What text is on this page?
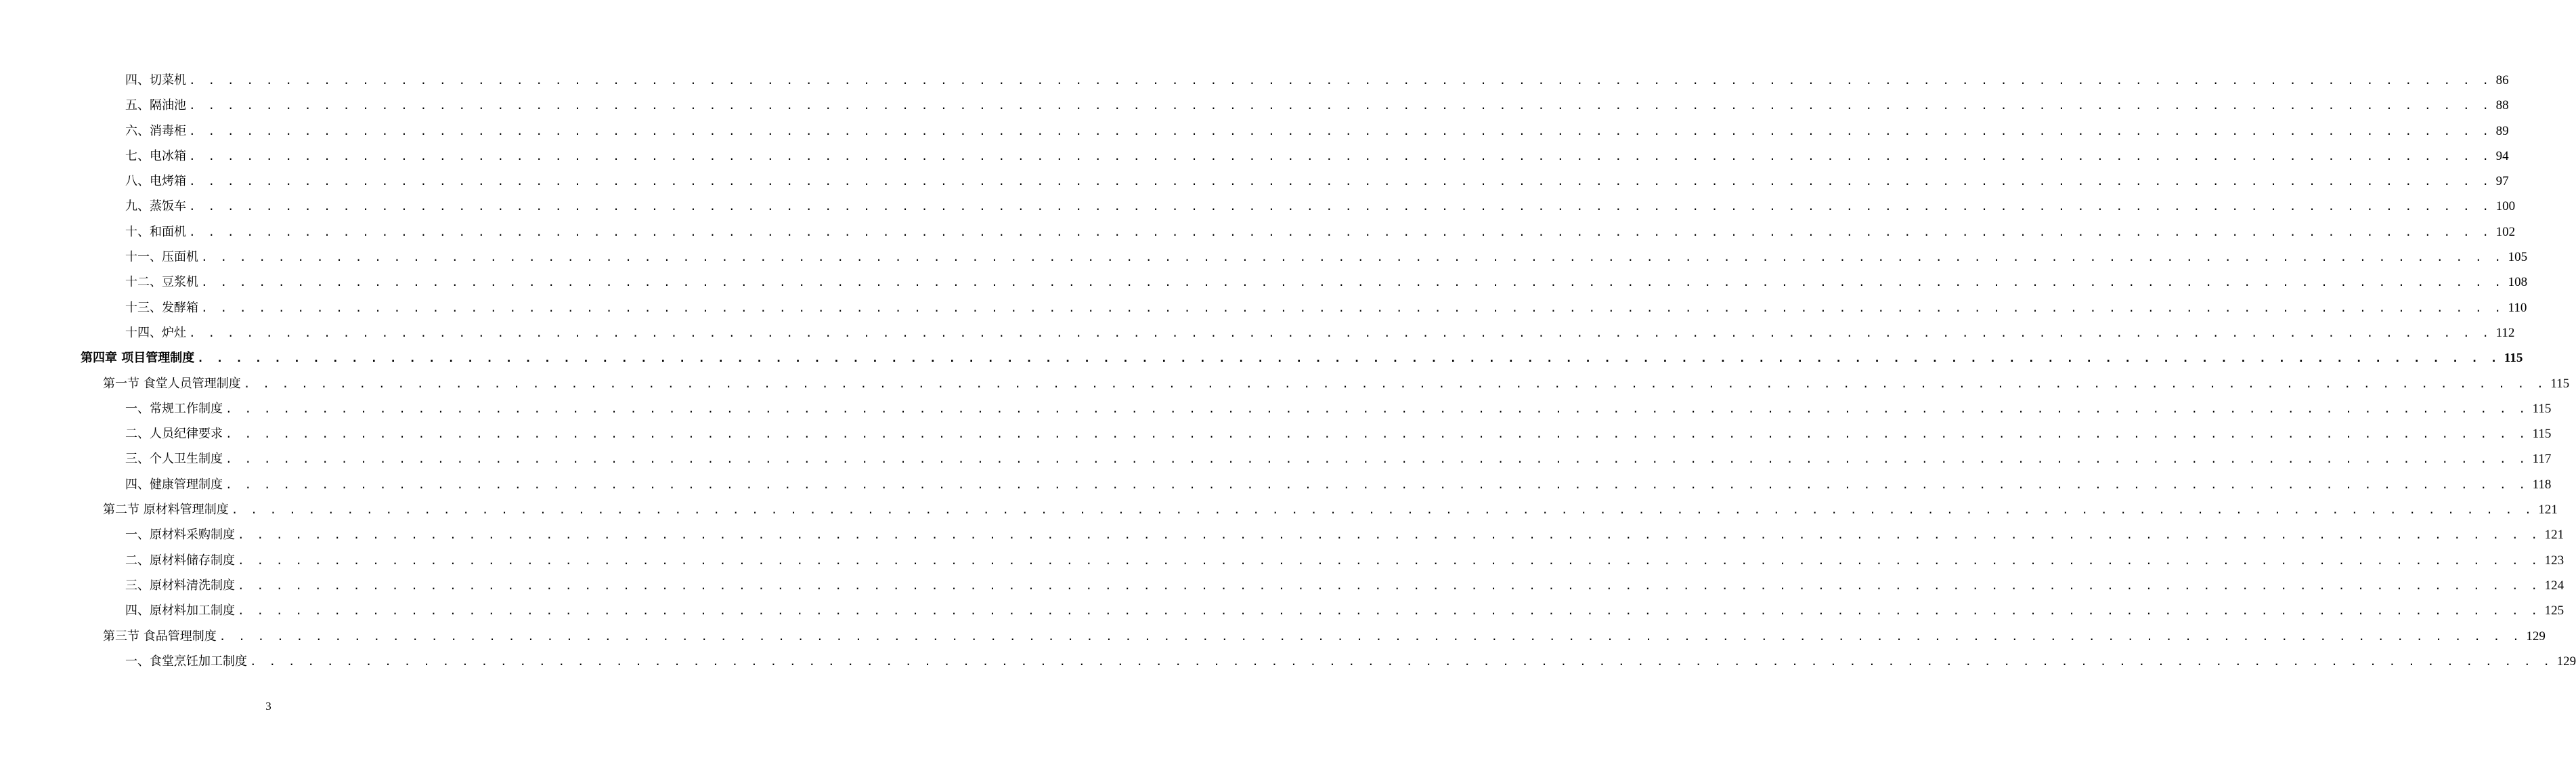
四、切菜机 . . . . . . . . . . . . . . . . . . . . . . . . . . . . . . . . . . . . . . . . . . . . . . . . . . . . . . . . . . . . . . . . . . . . . . . . . . . . . . . . . . . . . . . . . . . . . . . . . . . . . . . . . . . . . . . . . . . . . . . . 86
五、隔油池 . . . . . . . . . . . . . . . . . . . . . . . . . . . . . . . . . . . . . . . . . . . . . . . . . . . . . . . . . . . . . . . . . . . . . . . . . . . . . . . . . . . . . . . . . . . . . . . . . . . . . . . . . . . . . . . . . . . . . . . . 88
六、消毒柜 . . . . . . . . . . . . . . . . . . . . . . . . . . . . . . . . . . . . . . . . . . . . . . . . . . . . . . . . . . . . . . . . . . . . . . . . . . . . . . . . . . . . . . . . . . . . . . . . . . . . . . . . . . . . . . . . . . . . . . . . 89
七、电冰箱 . . . . . . . . . . . . . . . . . . . . . . . . . . . . . . . . . . . . . . . . . . . . . . . . . . . . . . . . . . . . . . . . . . . . . . . . . . . . . . . . . . . . . . . . . . . . . . . . . . . . . . . . . . . . . . . . . . . . . . . . 94
八、电烤箱 . . . . . . . . . . . . . . . . . . . . . . . . . . . . . . . . . . . . . . . . . . . . . . . . . . . . . . . . . . . . . . . . . . . . . . . . . . . . . . . . . . . . . . . . . . . . . . . . . . . . . . . . . . . . . . . . . . . . . . . . 97
九、蒸饭车 . . . . . . . . . . . . . . . . . . . . . . . . . . . . . . . . . . . . . . . . . . . . . . . . . . . . . . . . . . . . . . . . . . . . . . . . . . . . . . . . . . . . . . . . . . . . . . . . . . . . . . . . . . . . . . . . . . . . . . . . 100
十、和面机 . . . . . . . . . . . . . . . . . . . . . . . . . . . . . . . . . . . . . . . . . . . . . . . . . . . . . . . . . . . . . . . . . . . . . . . . . . . . . . . . . . . . . . . . . . . . . . . . . . . . . . . . . . . . . . . . . . . . . . . . 102
十一、压面机 . . . . . . . . . . . . . . . . . . . . . . . . . . . . . . . . . . . . . . . . . . . . . . . . . . . . . . . . . . . . . . . . . . . . . . . . . . . . . . . . . . . . . . . . . . . . . . . . . . . . . . . . . . . . . . . . . . . . . . . . 105
十二、豆浆机 . . . . . . . . . . . . . . . . . . . . . . . . . . . . . . . . . . . . . . . . . . . . . . . . . . . . . . . . . . . . . . . . . . . . . . . . . . . . . . . . . . . . . . . . . . . . . . . . . . . . . . . . . . . . . . . . . . . . . . . . 108
十三、发酵箱 . . . . . . . . . . . . . . . . . . . . . . . . . . . . . . . . . . . . . . . . . . . . . . . . . . . . . . . . . . . . . . . . . . . . . . . . . . . . . . . . . . . . . . . . . . . . . . . . . . . . . . . . . . . . . . . . . . . . . . . . 110
十四、炉灶 . . . . . . . . . . . . . . . . . . . . . . . . . . . . . . . . . . . . . . . . . . . . . . . . . . . . . . . . . . . . . . . . . . . . . . . . . . . . . . . . . . . . . . . . . . . . . . . . . . . . . . . . . . . . . . . . . . . . . . . . 112
第四章 项目管理制度 . . . . . . . . . . . . . . . . . . . . . . . . . . . . . . . . . . . . . . . . . . . . . . . . . . . . . . . . . . . . . . . . . . . . . . . . . . . . . . . . . . . . . . . . . . . . . . . . . . . . . . . . . . . . . . . . . . . . . . . . 115
第一节 食堂人员管理制度 . . . . . . . . . . . . . . . . . . . . . . . . . . . . . . . . . . . . . . . . . . . . . . . . . . . . . . . . . . . . . . . . . . . . . . . . . . . . . . . . . . . . . . . . . . . . . . . . . . . . . . . . . . . . . . . . . . . . . . . . 115
一、常规工作制度 . . . . . . . . . . . . . . . . . . . . . . . . . . . . . . . . . . . . . . . . . . . . . . . . . . . . . . . . . . . . . . . . . . . . . . . . . . . . . . . . . . . . . . . . . . . . . . . . . . . . . . . . . . . . . . . . . . . . . . . . 115
二、人员纪律要求 . . . . . . . . . . . . . . . . . . . . . . . . . . . . . . . . . . . . . . . . . . . . . . . . . . . . . . . . . . . . . . . . . . . . . . . . . . . . . . . . . . . . . . . . . . . . . . . . . . . . . . . . . . . . . . . . . . . . . . . . 115
三、个人卫生制度 . . . . . . . . . . . . . . . . . . . . . . . . . . . . . . . . . . . . . . . . . . . . . . . . . . . . . . . . . . . . . . . . . . . . . . . . . . . . . . . . . . . . . . . . . . . . . . . . . . . . . . . . . . . . . . . . . . . . . . . . 117
四、健康管理制度 . . . . . . . . . . . . . . . . . . . . . . . . . . . . . . . . . . . . . . . . . . . . . . . . . . . . . . . . . . . . . . . . . . . . . . . . . . . . . . . . . . . . . . . . . . . . . . . . . . . . . . . . . . . . . . . . . . . . . . . . 118
第二节 原材料管理制度 . . . . . . . . . . . . . . . . . . . . . . . . . . . . . . . . . . . . . . . . . . . . . . . . . . . . . . . . . . . . . . . . . . . . . . . . . . . . . . . . . . . . . . . . . . . . . . . . . . . . . . . . . . . . . . . . . . . . . . . . 121
一、原材料采购制度 . . . . . . . . . . . . . . . . . . . . . . . . . . . . . . . . . . . . . . . . . . . . . . . . . . . . . . . . . . . . . . . . . . . . . . . . . . . . . . . . . . . . . . . . . . . . . . . . . . . . . . . . . . . . . . . . . . . . . . . . 121
二、原材料储存制度 . . . . . . . . . . . . . . . . . . . . . . . . . . . . . . . . . . . . . . . . . . . . . . . . . . . . . . . . . . . . . . . . . . . . . . . . . . . . . . . . . . . . . . . . . . . . . . . . . . . . . . . . . . . . . . . . . . . . . . . . 123
三、原材料清洗制度 . . . . . . . . . . . . . . . . . . . . . . . . . . . . . . . . . . . . . . . . . . . . . . . . . . . . . . . . . . . . . . . . . . . . . . . . . . . . . . . . . . . . . . . . . . . . . . . . . . . . . . . . . . . . . . . . . . . . . . . . 124
四、原材料加工制度 . . . . . . . . . . . . . . . . . . . . . . . . . . . . . . . . . . . . . . . . . . . . . . . . . . . . . . . . . . . . . . . . . . . . . . . . . . . . . . . . . . . . . . . . . . . . . . . . . . . . . . . . . . . . . . . . . . . . . . . . 125
第三节 食品管理制度 . . . . . . . . . . . . . . . . . . . . . . . . . . . . . . . . . . . . . . . . . . . . . . . . . . . . . . . . . . . . . . . . . . . . . . . . . . . . . . . . . . . . . . . . . . . . . . . . . . . . . . . . . . . . . . . . . . . . . . . . 129
一、食堂烹饪加工制度 . . . . . . . . . . . . . . . . . . . . . . . . . . . . . . . . . . . . . . . . . . . . . . . . . . . . . . . . . . . . . . . . . . . . . . . . . . . . . . . . . . . . . . . . . . . . . . . . . . . . . . . . . . . . . . . . . . . . . . . . 129
3
